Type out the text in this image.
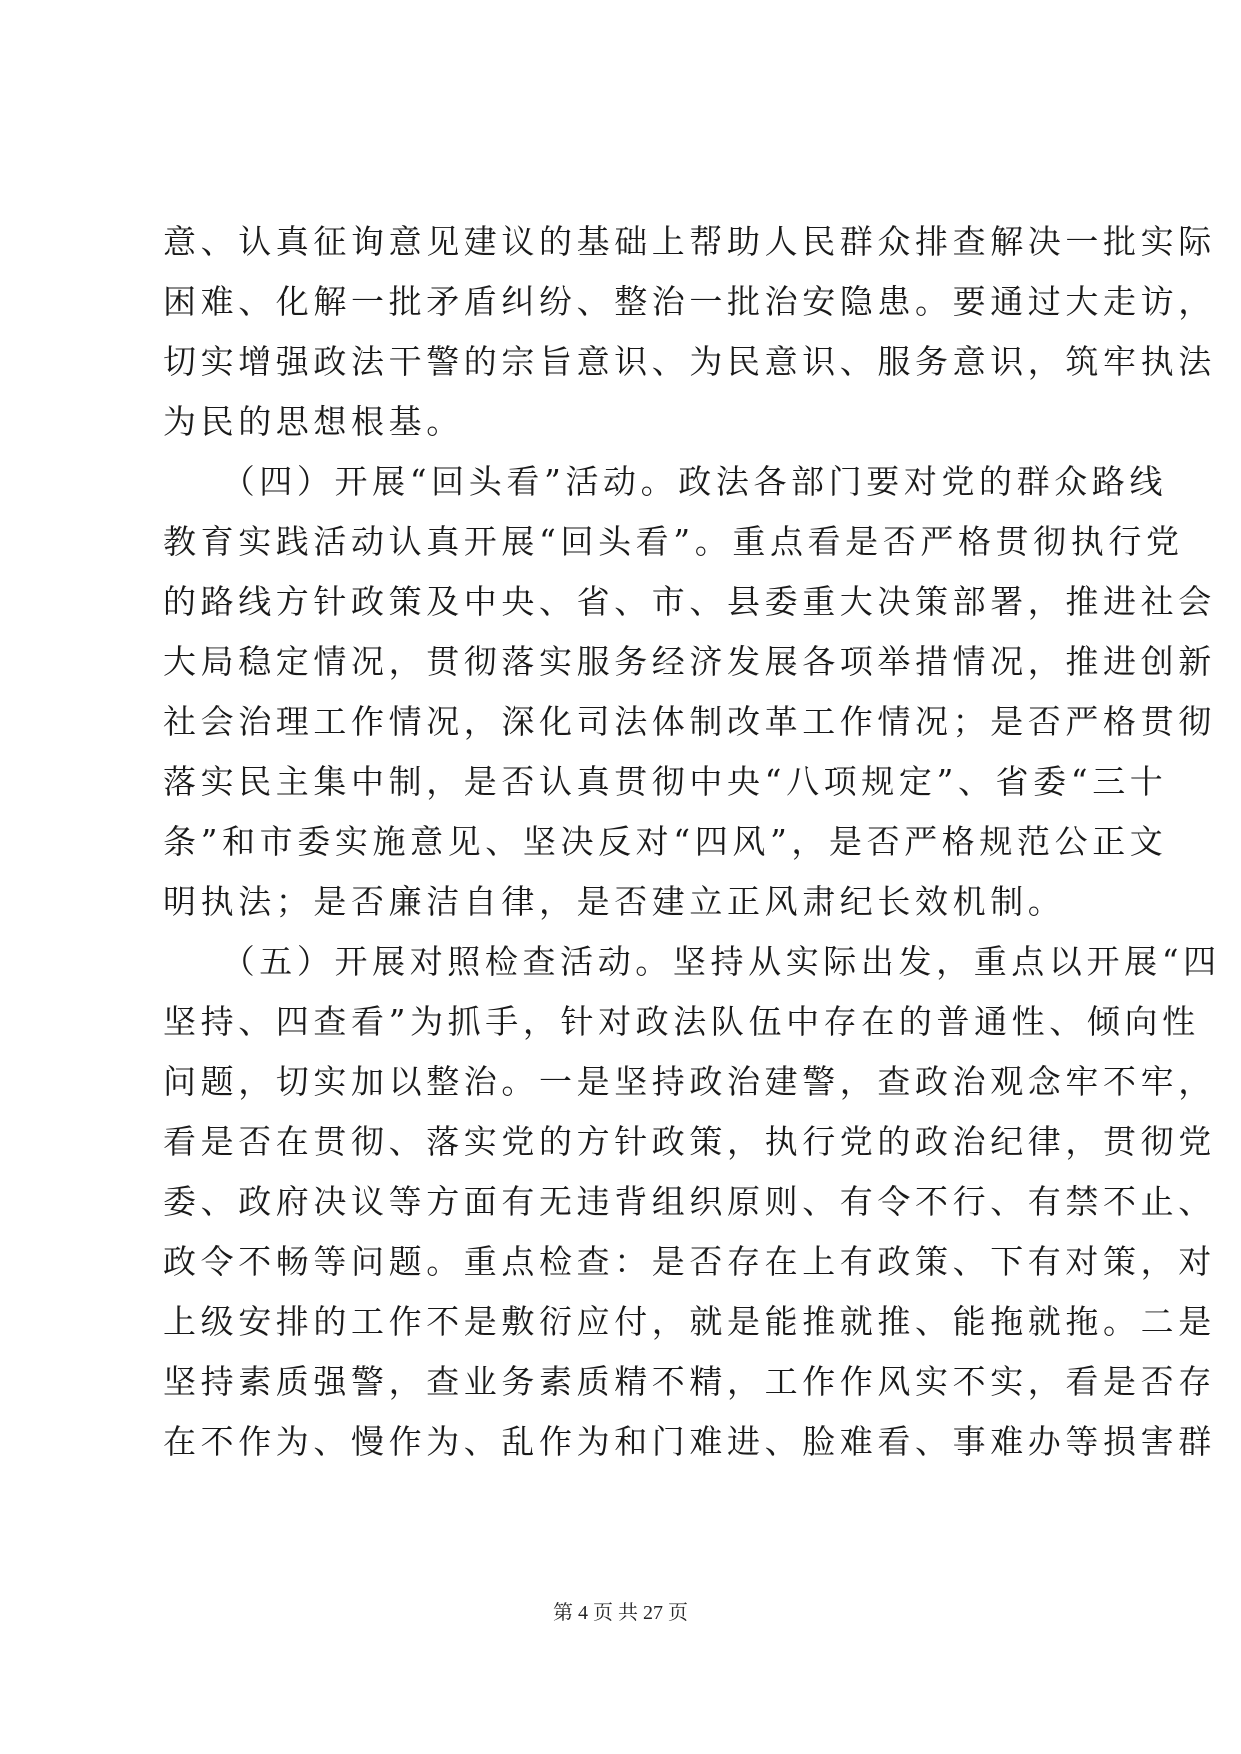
意、认真征询意见建议的基础上帮助人民群众排查解决一批实际
困难、化解一批矛盾纠纷、整治一批治安隐患。要通过大走访，
切实增强政法干警的宗旨意识、为民意识、服务意识，筑牢执法
为民的思想根基。
　　（四）开展“回头看”活动。政法各部门要对党的群众路线
教育实践活动认真开展“回头看”。重点看是否严格贯彻执行党
的路线方针政策及中央、省、市、县委重大决策部署，推进社会
大局稳定情况，贯彻落实服务经济发展各项举措情况，推进创新
社会治理工作情况，深化司法体制改革工作情况；是否严格贯彻
落实民主集中制，是否认真贯彻中央“八项规定”、省委“三十
条”和市委实施意见、坚决反对“四风”，是否严格规范公正文
明执法；是否廉洁自律，是否建立正风肃纪长效机制。
　　（五）开展对照检查活动。坚持从实际出发，重点以开展“四
坚持、四查看”为抓手，针对政法队伍中存在的普通性、倾向性
问题，切实加以整治。一是坚持政治建警，查政治观念牢不牢，
看是否在贯彻、落实党的方针政策，执行党的政治纪律，贯彻党
委、政府决议等方面有无违背组织原则、有令不行、有禁不止、
政令不畅等问题。重点检查：是否存在上有政策、下有对策，对
上级安排的工作不是敷衍应付，就是能推就推、能拖就拖。二是
坚持素质强警，查业务素质精不精，工作作风实不实，看是否存
在不作为、慢作为、乱作为和门难进、脸难看、事难办等损害群
第 4 页 共 27 页
